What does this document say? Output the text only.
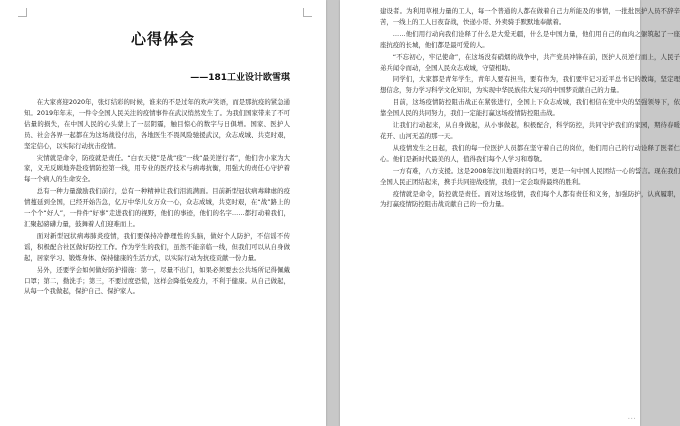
心得体会
——181工业设计欧雪琪

在大家喜迎2020年，张灯结彩的时候，谁来的不是过年的欢声笑语，而是那抗疫的紧急通知。2019年年末，一件令全国人民关注的疫情事件在武汉悄然发生了。为我们国家带来了不可估量的损失，在中国人民的心头蒙上了一层阴霾，触目惊心的数字与日俱增。国家、医护人员、社会各界一起都在为这场战役付出，各地医生不畏风险驰援武汉，众志成城、共克时艰，坚定信心，以实际行动抗击疫情。

灾情就是命令，防疫就是责任。“白衣天使”是战“疫”一线“最美逆行者”，他们舍小家为大家，义无反顾地奔赴疫情防控第一线，用专业的医疗技术与病毒抗衡，用强大的责任心守护着每一个病人的生命安全。

总有一种力量激励我们前行，总有一种精神让我们泪流满面。目前新型冠状病毒肆虐的疫情蔓延到全国，已经开始告急，亿万中华儿女万众一心，众志成城，共克时艰，在“战”路上的一个个“好人”，一件件“好事”走进我们的视野，他们的事迹，他们的名字……都打动着我们，汇聚起磅礴力量，鼓舞着人们迎难而上。

面对新型冠状病毒肺炎疫情，我们要保持冷静理性的头脑，做好个人防护，不信谣不传谣，积极配合社区做好防控工作。作为学生的我们，虽然不能亲临一线，但我们可以从自身做起，居家学习、锻炼身体、保持健康的生活方式，以实际行动为抗疫贡献一份力量。

另外，还要学会如何做好防护措施：第一，尽量不出门，如果必须要去公共场所记得佩戴口罩；第二，勤洗手；第三，不要过度恐慌，这样会降低免疫力，不利于健康。从自己做起，从每一个我做起，保护自己、保护家人。

建设者。为利用草根力量的工人，每一个普通的人都在做着自己力所能及的事情，一批批医护人员不辞辛苦，一线上的工人日夜奋战，快递小哥、外卖骑手默默地奉献着。

……他们用行动向我们诠释了什么是大爱无疆，什么是中国力量，他们用自己的血肉之躯筑起了一座座抗疫的长城，他们都是最可爱的人。

“不忘初心，牢记使命”，在这场没有硝烟的战争中，共产党员冲锋在前，医护人员逆行而上，人民子弟兵闻令而动，全国人民众志成城，守望相助。

同学们，大家都是青年学生，青年人要有担当，要有作为，我们要牢记习近平总书记的教诲，坚定理想信念，努力学习科学文化知识，为实现中华民族伟大复兴的中国梦贡献自己的力量。

目前，这场疫情防控阻击战正在紧张进行，全国上下众志成城，我们相信在党中央的坚强领导下，依靠全国人民的共同努力，我们一定能打赢这场疫情防控阻击战。

让我们行动起来，从自身做起，从小事做起，积极配合，科学防控，共同守护我们的家园，期待春暖花开、山河无恙的那一天。

从疫情发生之日起，我们的每一位医护人员都在坚守着自己的岗位，他们用自己的行动诠释了医者仁心。他们是新时代最美的人，值得我们每个人学习和尊敬。

一方有难，八方支援。这是2008年汶川地震时的口号，更是一句中国人民团结一心的誓言。现在我们全国人民正团结起来，携手共同迎战疫情，我们一定会取得最终的胜利。

疫情就是命令，防控就是责任。面对这场疫情，我们每个人都有责任和义务，加强防护，认真履职，为打赢疫情防控阻击战贡献自己的一份力量。

...
